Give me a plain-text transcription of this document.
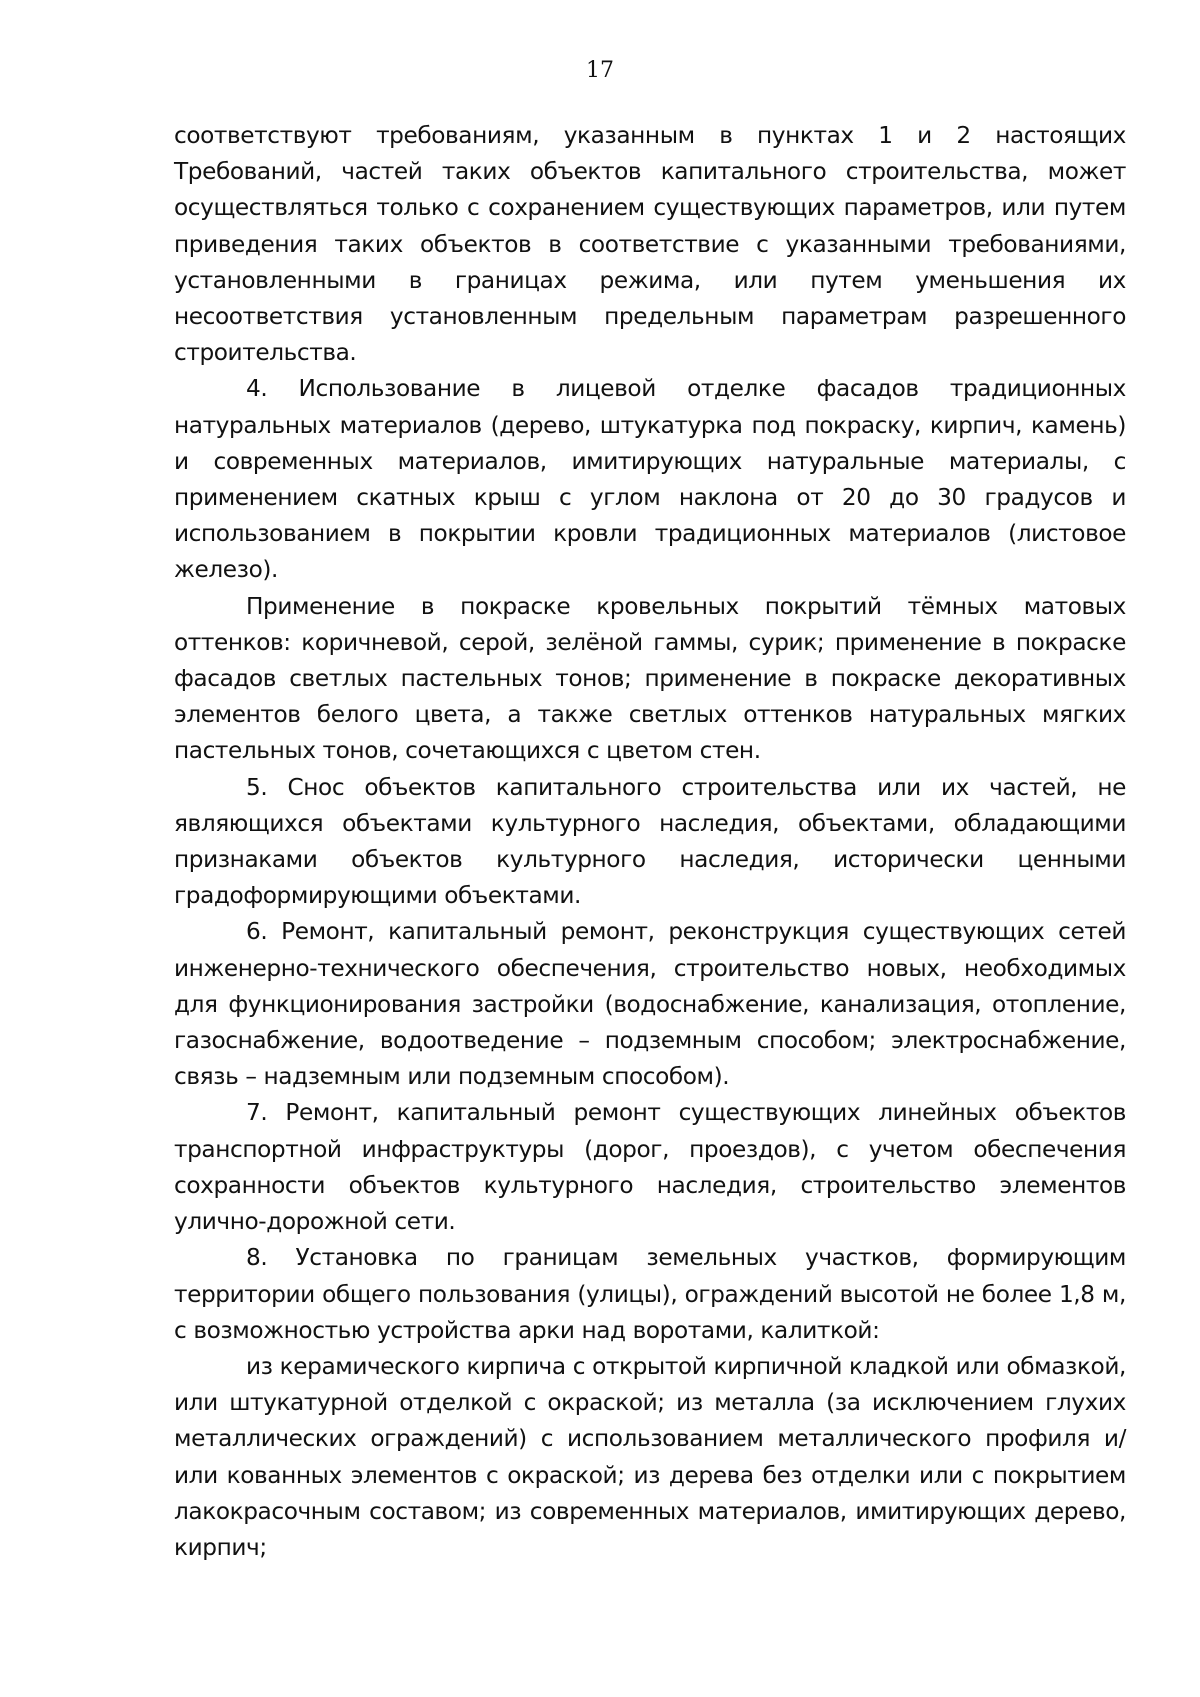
17

соответствуют требованиям, указанным в пунктах 1 и 2 настоящих Требований, частей таких объектов капитального строительства, может осуществляться только с сохранением существующих параметров, или путем приведения таких объектов в соответствие с указанными требованиями, установленными в границах режима, или путем уменьшения их несоответствия установленным предельным параметрам разрешенного строительства.

4. Использование в лицевой отделке фасадов традиционных натуральных материалов (дерево, штукатурка под покраску, кирпич, камень) и современных материалов, имитирующих натуральные материалы, с применением скатных крыш с углом наклона от 20 до 30 градусов и использованием в покрытии кровли традиционных материалов (листовое железо).

Применение в покраске кровельных покрытий тёмных матовых оттенков: коричневой, серой, зелёной гаммы, сурик; применение в покраске фасадов светлых пастельных тонов; применение в покраске декоративных элементов белого цвета, а также светлых оттенков натуральных мягких пастельных тонов, сочетающихся с цветом стен.

5. Снос объектов капитального строительства или их частей, не являющихся объектами культурного наследия, объектами, обладающими признаками объектов культурного наследия, исторически ценными градоформирующими объектами.

6. Ремонт, капитальный ремонт, реконструкция существующих сетей инженерно-технического обеспечения, строительство новых, необходимых для функционирования застройки (водоснабжение, канализация, отопление, газоснабжение, водоотведение – подземным способом; электроснабжение, связь – надземным или подземным способом).

7. Ремонт, капитальный ремонт существующих линейных объектов транспортной инфраструктуры (дорог, проездов), с учетом обеспечения сохранности объектов культурного наследия, строительство элементов улично-дорожной сети.

8. Установка по границам земельных участков, формирующим территории общего пользования (улицы), ограждений высотой не более 1,8 м, с возможностью устройства арки над воротами, калиткой:

из керамического кирпича с открытой кирпичной кладкой или обмазкой, или штукатурной отделкой с окраской; из металла (за исключением глухих металлических ограждений) с использованием металлического профиля и/или кованных элементов с окраской; из дерева без отделки или с покрытием лакокрасочным составом; из современных материалов, имитирующих дерево, кирпич;
